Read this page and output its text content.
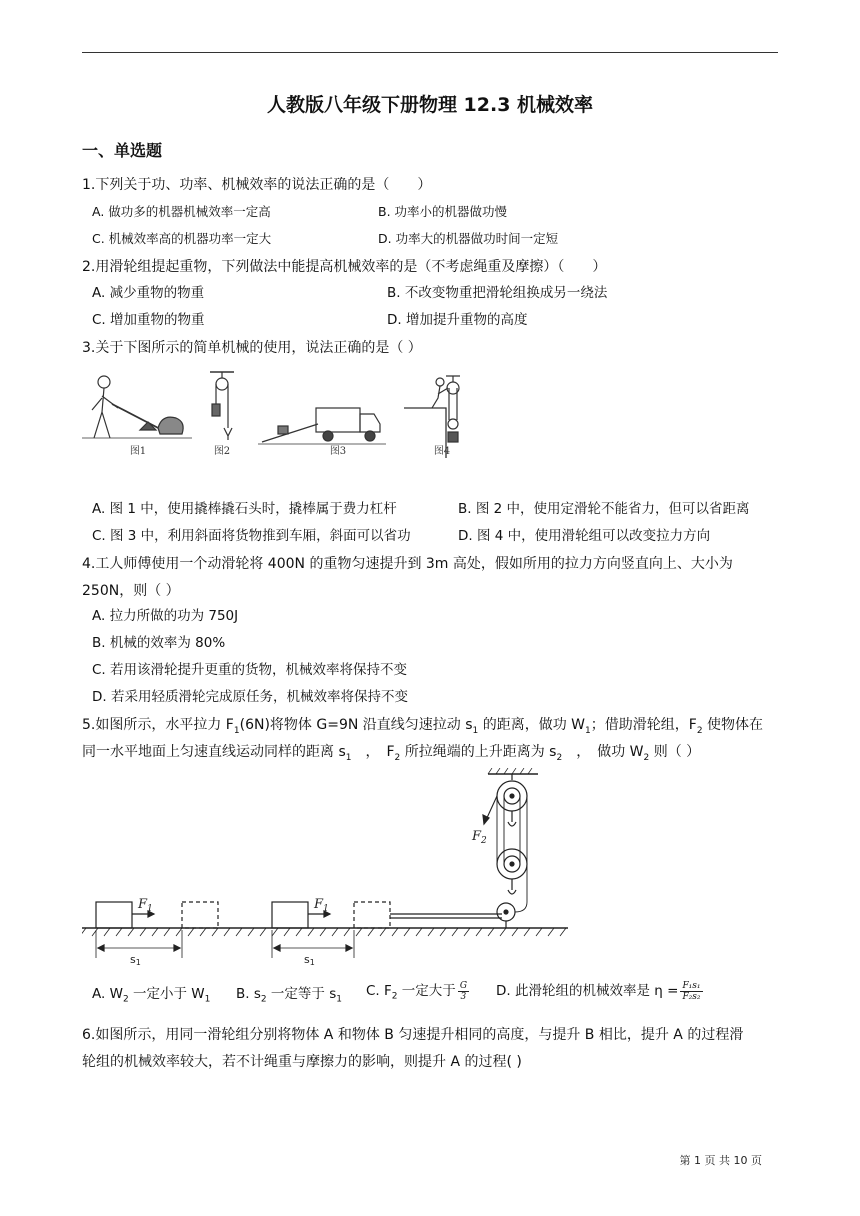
人教版八年级下册物理 12.3 机械效率
一、单选题
1.下列关于功、功率、机械效率的说法正确的是（　　）
A. 做功多的机器机械效率一定高	B. 功率小的机器做功慢
C. 机械效率高的机器功率一定大	D. 功率大的机器做功时间一定短
2.用滑轮组提起重物，下列做法中能提高机械效率的是（不考虑绳重及摩擦）（　　）
A. 减少重物的物重	B. 不改变物重把滑轮组换成另一绕法
C. 增加重物的物重	D. 增加提升重物的高度
3.关于下图所示的简单机械的使用，说法正确的是（ ）
图1	图2	图3	图4
A. 图 1 中，使用撬棒撬石头时，撬棒属于费力杠杆	B. 图 2 中，使用定滑轮不能省力，但可以省距离
C. 图 3 中，利用斜面将货物推到车厢，斜面可以省功	D. 图 4 中，使用滑轮组可以改变拉力方向
4.工人师傅使用一个动滑轮将 400N 的重物匀速提升到 3m 高处，假如所用的拉力方向竖直向上、大小为
250N，则（ ）
A. 拉力所做的功为 750J
B. 机械的效率为 80%
C. 若用该滑轮提升更重的货物，机械效率将保持不变
D. 若采用轻质滑轮完成原任务，机械效率将保持不变
5.如图所示，水平拉力 $F_1(6N)$将物体 G=9N 沿直线匀速拉动 $s_1$ 的距离，做功 $W_1$；借助滑轮组，$F_2$ 使物体在
同一水平地面上匀速直线运动同样的距离 $s_1$　，　$F_2$ 所拉绳端的上升距离为 $s_2$　，　做功 $W_2$ 则（ ）
$F_1$	$F_1$
$F_2$
s1	s1
A. $W_2$ 一定小于 $W_1$ B. $s_2$ 一定等于 $s_1$
C. $F_2$ 一定大于 $\frac{G}{3} D$. 此滑轮组的机械效率是 $\eta = \frac{\text{F₁s₁}}{\text{F₂s₂}}$
6.如图所示，用同一滑轮组分别将物体 A 和物体 B 匀速提升相同的高度，与提升 B 相比，提升 A 的过程滑
轮组的机械效率较大，若不计绳重与摩擦力的影响，则提升 A 的过程( )
第 1 页 共 10 页
